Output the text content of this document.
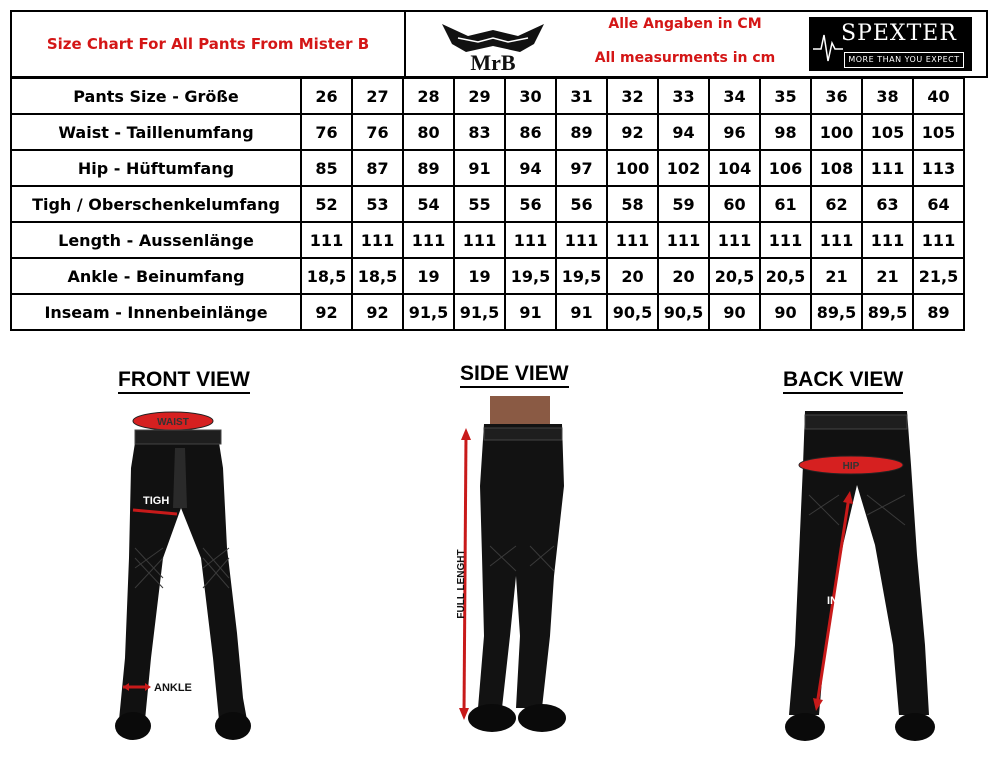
Size Chart For All Pants From Mister B
MrB
Alle Angaben in CM
All measurments in cm
SPEXTER
MORE THAN YOU EXPECT
Pants Size - Größe	26	27	28	29	30	31	32	33	34	35	36	38	40
Waist - Taillenumfang	76	76	80	83	86	89	92	94	96	98	100	105	105
Hip - Hüftumfang	85	87	89	91	94	97	100	102	104	106	108	111	113
Tigh / Oberschenkelumfang	52	53	54	55	56	56	58	59	60	61	62	63	64
Length - Aussenlänge	111	111	111	111	111	111	111	111	111	111	111	111	111
Ankle - Beinumfang	18,5	18,5	19	19	19,5	19,5	20	20	20,5	20,5	21	21	21,5
Inseam - Innenbeinlänge	92	92	91,5	91,5	91	91	90,5	90,5	90	90	89,5	89,5	89
FRONT VIEW
WAIST
TIGH
ANKLE
SIDE VIEW
FULL LENGHT
BACK VIEW
HIP
INSEAM
